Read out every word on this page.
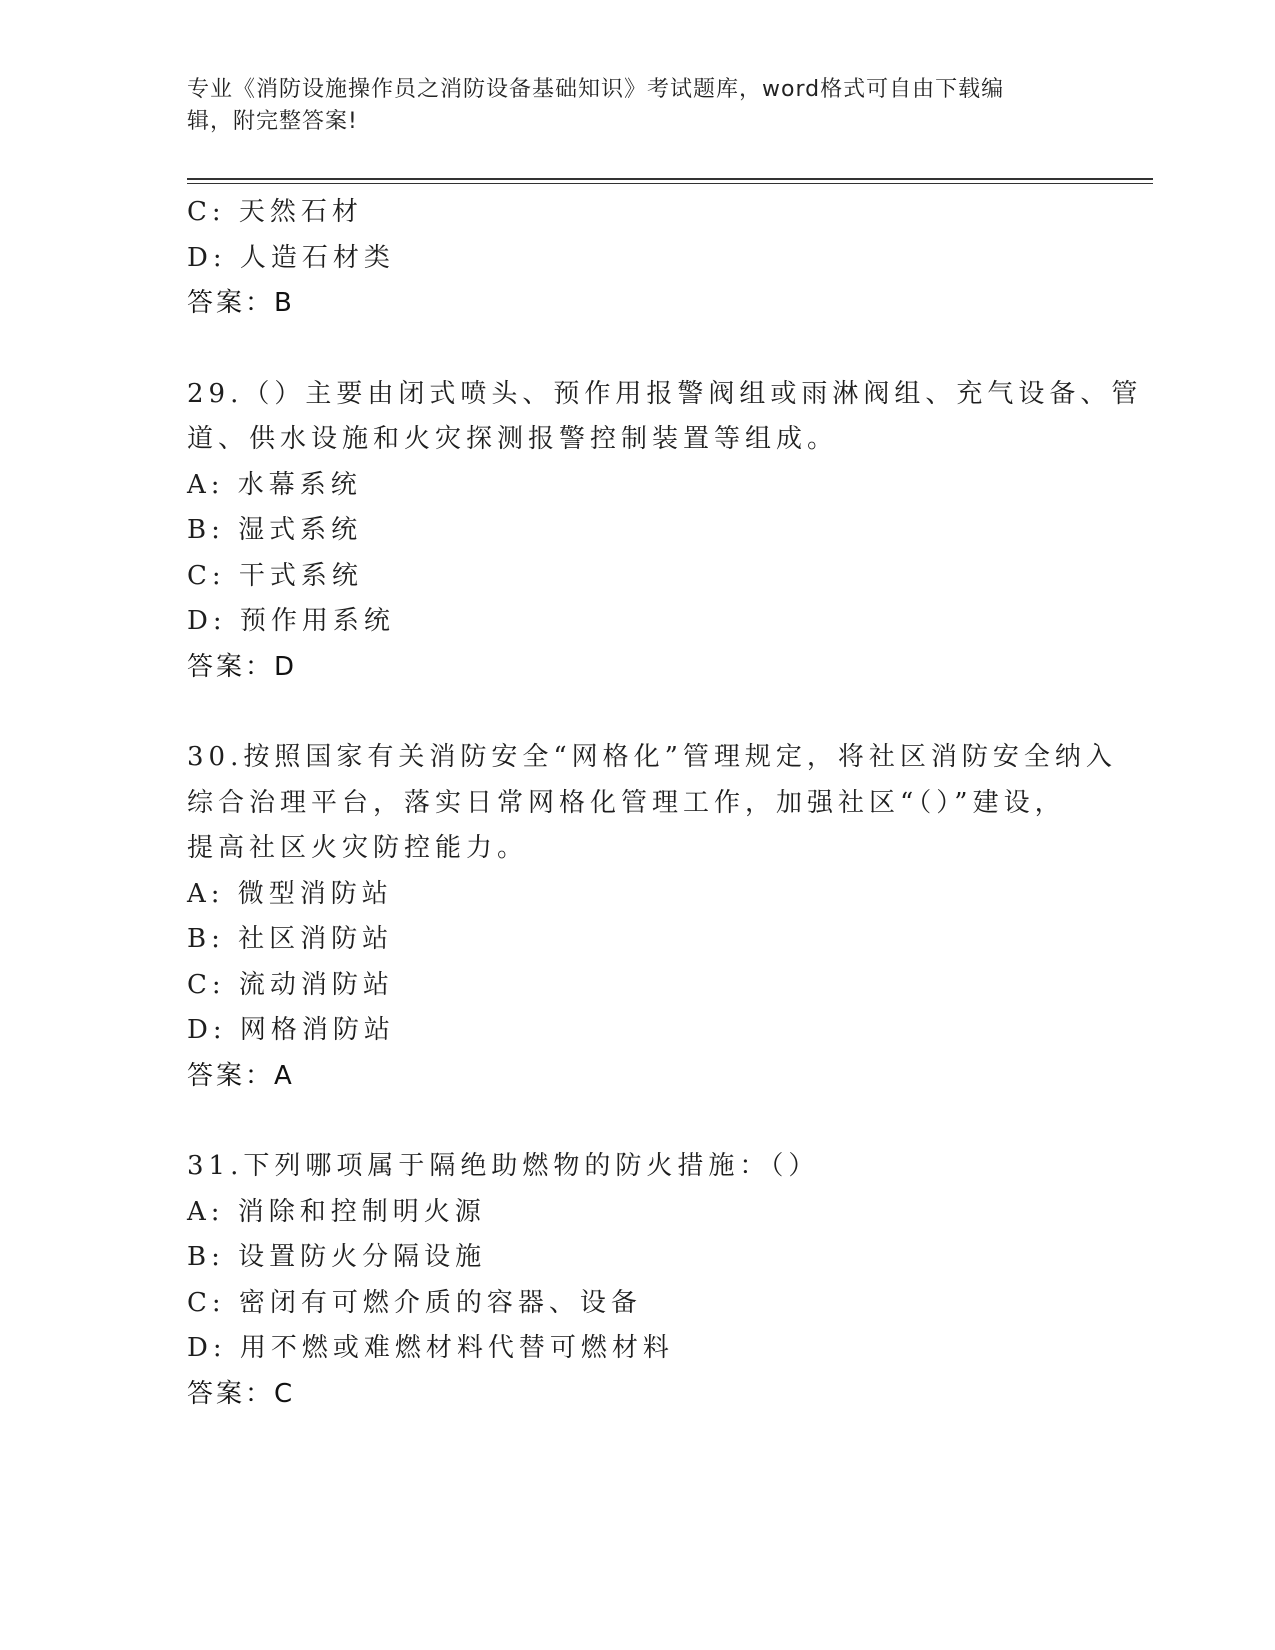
专业《消防设施操作员之消防设备基础知识》考试题库，word格式可自由下载编
辑，附完整答案!
C: 天然石材
D: 人造石材类
答案：B
29.（）主要由闭式喷头、预作用报警阀组或雨淋阀组、充气设备、管
道、供水设施和火灾探测报警控制装置等组成。
A: 水幕系统
B: 湿式系统
C: 干式系统
D: 预作用系统
答案：D
30.按照国家有关消防安全“网格化”管理规定，将社区消防安全纳入
综合治理平台，落实日常网格化管理工作，加强社区“（）”建设，
提高社区火灾防控能力。
A: 微型消防站
B: 社区消防站
C: 流动消防站
D: 网格消防站
答案：A
31.下列哪项属于隔绝助燃物的防火措施：（）
A: 消除和控制明火源
B: 设置防火分隔设施
C: 密闭有可燃介质的容器、设备
D: 用不燃或难燃材料代替可燃材料
答案：C
